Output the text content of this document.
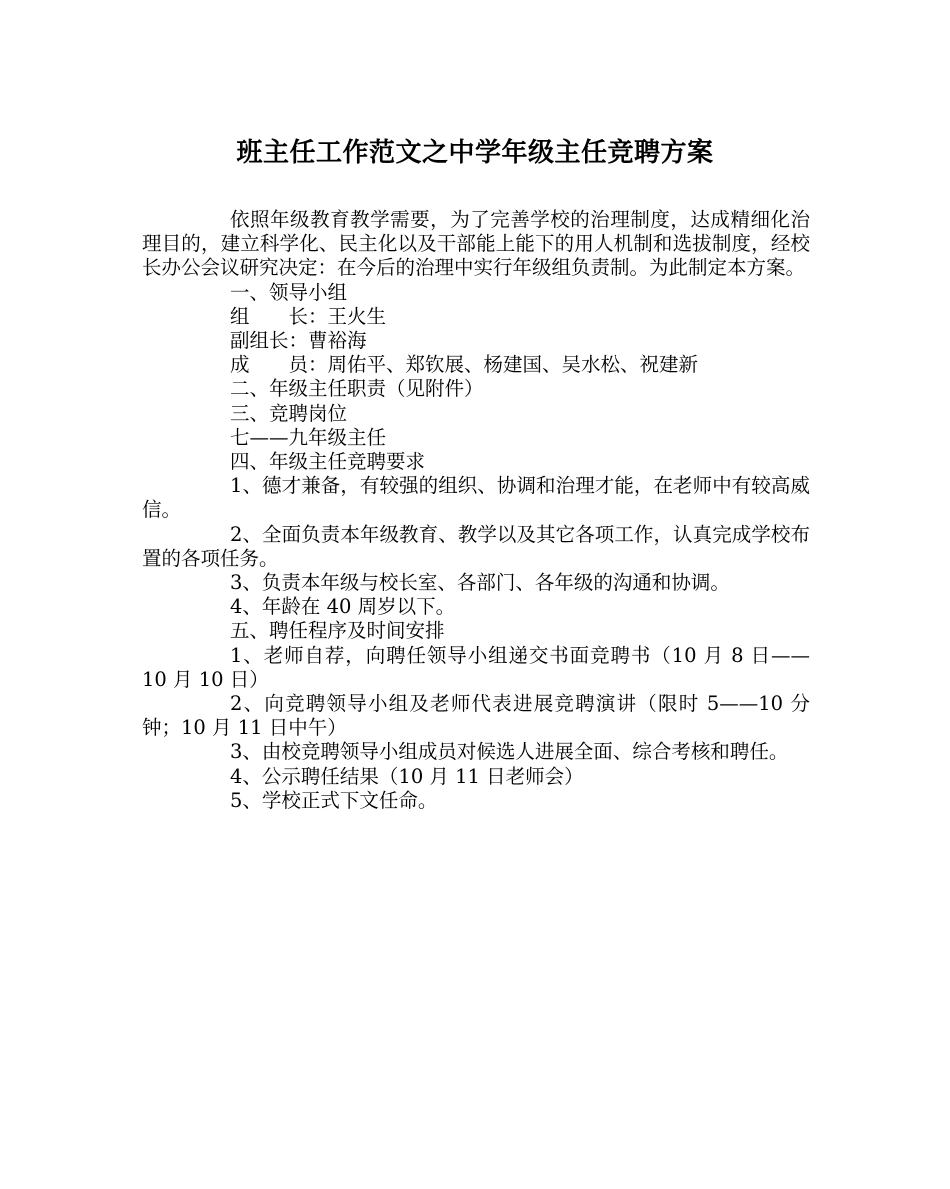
班主任工作范文之中学年级主任竞聘方案

依照年级教育教学需要，为了完善学校的治理制度，达成精细化治理目的，建立科学化、民主化以及干部能上能下的用人机制和选拔制度，经校长办公会议研究决定：在今后的治理中实行年级组负责制。为此制定本方案。

一、领导小组

组　　长：王火生

副组长：曹裕海

成　　员：周佑平、郑钦展、杨建国、吴水松、祝建新

二、年级主任职责（见附件）

三、竞聘岗位

七——九年级主任

四、年级主任竞聘要求

1、德才兼备，有较强的组织、协调和治理才能，在老师中有较高威信。

2、全面负责本年级教育、教学以及其它各项工作，认真完成学校布置的各项任务。

3、负责本年级与校长室、各部门、各年级的沟通和协调。

4、年龄在 40 周岁以下。

五、聘任程序及时间安排

1、老师自荐，向聘任领导小组递交书面竞聘书（10 月 8 日——10 月 10 日）

2、向竞聘领导小组及老师代表进展竞聘演讲（限时 5——10 分钟；10 月 11 日中午）

3、由校竞聘领导小组成员对候选人进展全面、综合考核和聘任。

4、公示聘任结果（10 月 11 日老师会）

5、学校正式下文任命。
